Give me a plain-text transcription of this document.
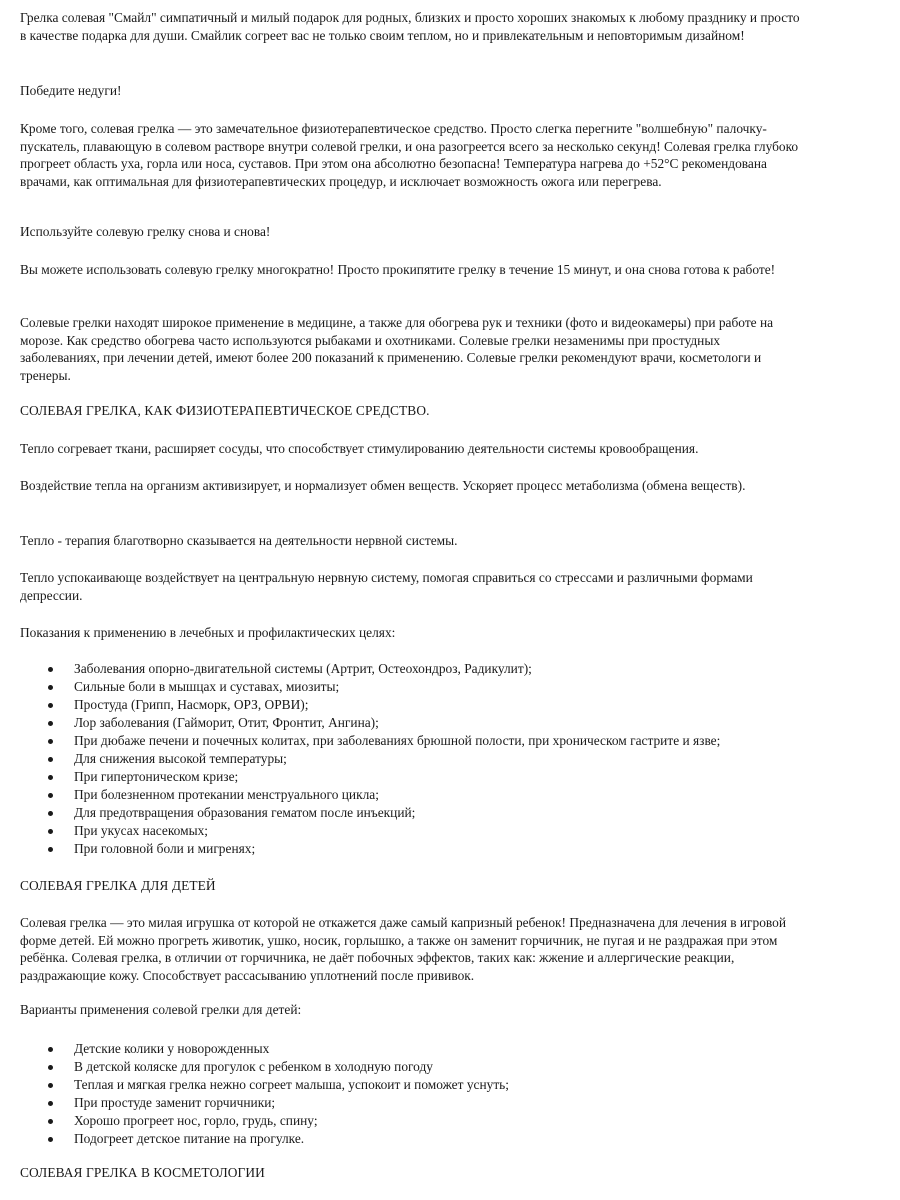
Грелка солевая "Смайл" симпатичный и милый подарок для родных, близких и просто хороших знакомых к любому празднику и просто в качестве подарка для души. Смайлик согреет вас не только своим теплом, но и привлекательным и неповторимым дизайном!

Победите недуги!

Кроме того, солевая грелка — это замечательное физиотерапевтическое средство. Просто слегка перегните "волшебную" палочку-пускатель, плавающую в солевом растворе внутри солевой грелки, и она разогреется всего за несколько секунд! Солевая грелка глубоко прогреет область уха, горла или носа, суставов. При этом она абсолютно безопасна! Температура нагрева до +52°С рекомендована врачами, как оптимальная для физиотерапевтических процедур, и исключает возможность ожога или перегрева.

Используйте солевую грелку снова и снова!

Вы можете использовать солевую грелку многократно! Просто прокипятите грелку в течение 15 минут, и она снова готова к работе!

Солевые грелки находят широкое применение в медицине, а также для обогрева рук и техники (фото и видеокамеры) при работе на морозе. Как средство обогрева часто используются рыбаками и охотниками. Солевые грелки незаменимы при простудных заболеваниях, при лечении детей, имеют более 200 показаний к применению. Солевые грелки рекомендуют врачи, косметологи и тренеры.

СОЛЕВАЯ ГРЕЛКА, КАК ФИЗИОТЕРАПЕВТИЧЕСКОЕ СРЕДСТВО.

Тепло согревает ткани, расширяет сосуды, что способствует стимулированию деятельности системы кровообращения.

Воздействие тепла на организм активизирует, и нормализует обмен веществ. Ускоряет процесс метаболизма (обмена веществ).

Тепло - терапия благотворно сказывается на деятельности нервной системы.

Тепло успокаивающе воздействует на центральную нервную систему, помогая справиться со стрессами и различными формами депрессии.

Показания к применению в лечебных и профилактических целях:

Заболевания опорно-двигательной системы (Артрит, Остеохондроз, Радикулит);
Сильные боли в мышцах и суставах, миозиты;
Простуда (Грипп, Насморк, ОРЗ, ОРВИ);
Лор заболевания (Гайморит, Отит, Фронтит, Ангина);
При дюбаже печени и почечных колитах, при заболеваниях брюшной полости, при хроническом гастрите и язве;
Для снижения высокой температуры;
При гипертоническом кризе;
При болезненном протекании менструального цикла;
Для предотвращения образования гематом после инъекций;
При укусах насекомых;
При головной боли и мигренях;

СОЛЕВАЯ ГРЕЛКА ДЛЯ ДЕТЕЙ

Солевая грелка — это милая игрушка от которой не откажется даже самый капризный ребенок! Предназначена для лечения в игровой форме детей. Ей можно прогреть животик, ушко, носик, горлышко, а также он заменит горчичник, не пугая и не раздражая при этом ребёнка. Солевая грелка, в отличии от горчичника, не даёт побочных эффектов, таких как: жжение и аллергические реакции, раздражающие кожу. Способствует рассасыванию уплотнений после прививок.

Варианты применения солевой грелки для детей:

Детские колики у новорожденных
В детской коляске для прогулок с ребенком в холодную погоду
Теплая и мягкая грелка нежно согреет малыша, успокоит и поможет уснуть;
При простуде заменит горчичники;
Хорошо прогреет нос, горло, грудь, спину;
Подогреет детское питание на прогулке.

СОЛЕВАЯ ГРЕЛКА В КОСМЕТОЛОГИИ
